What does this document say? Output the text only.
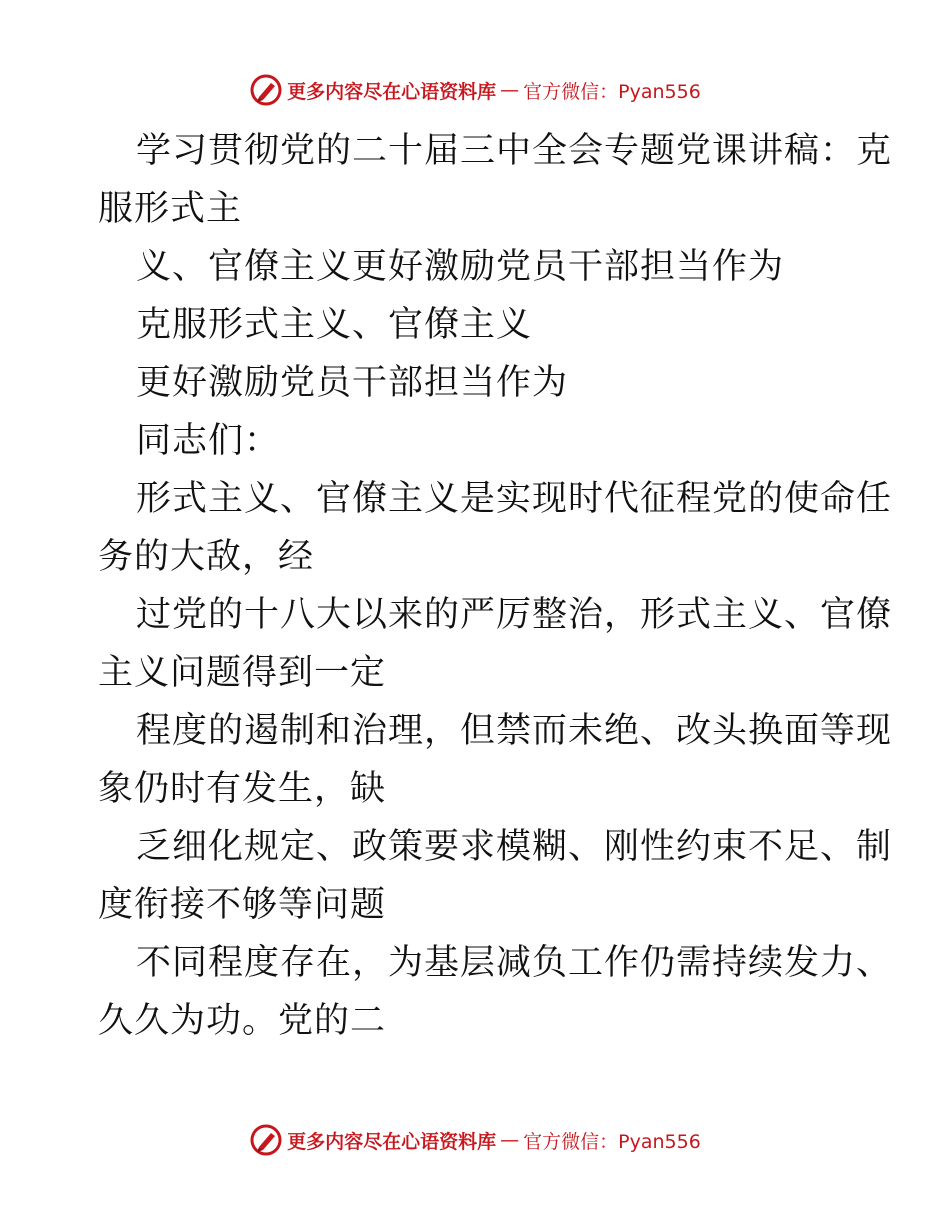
更多内容尽在心语资料库 — 官方微信：Pyan556
学习贯彻党的二十届三中全会专题党课讲稿：克
服形式主
义、官僚主义更好激励党员干部担当作为
克服形式主义、官僚主义
更好激励党员干部担当作为
同志们：
形式主义、官僚主义是实现时代征程党的使命任
务的大敌，经
过党的十八大以来的严厉整治，形式主义、官僚
主义问题得到一定
程度的遏制和治理，但禁而未绝、改头换面等现
象仍时有发生，缺
乏细化规定、政策要求模糊、刚性约束不足、制
度衔接不够等问题
不同程度存在，为基层减负工作仍需持续发力、
久久为功。党的二
更多内容尽在心语资料库 — 官方微信：Pyan556
